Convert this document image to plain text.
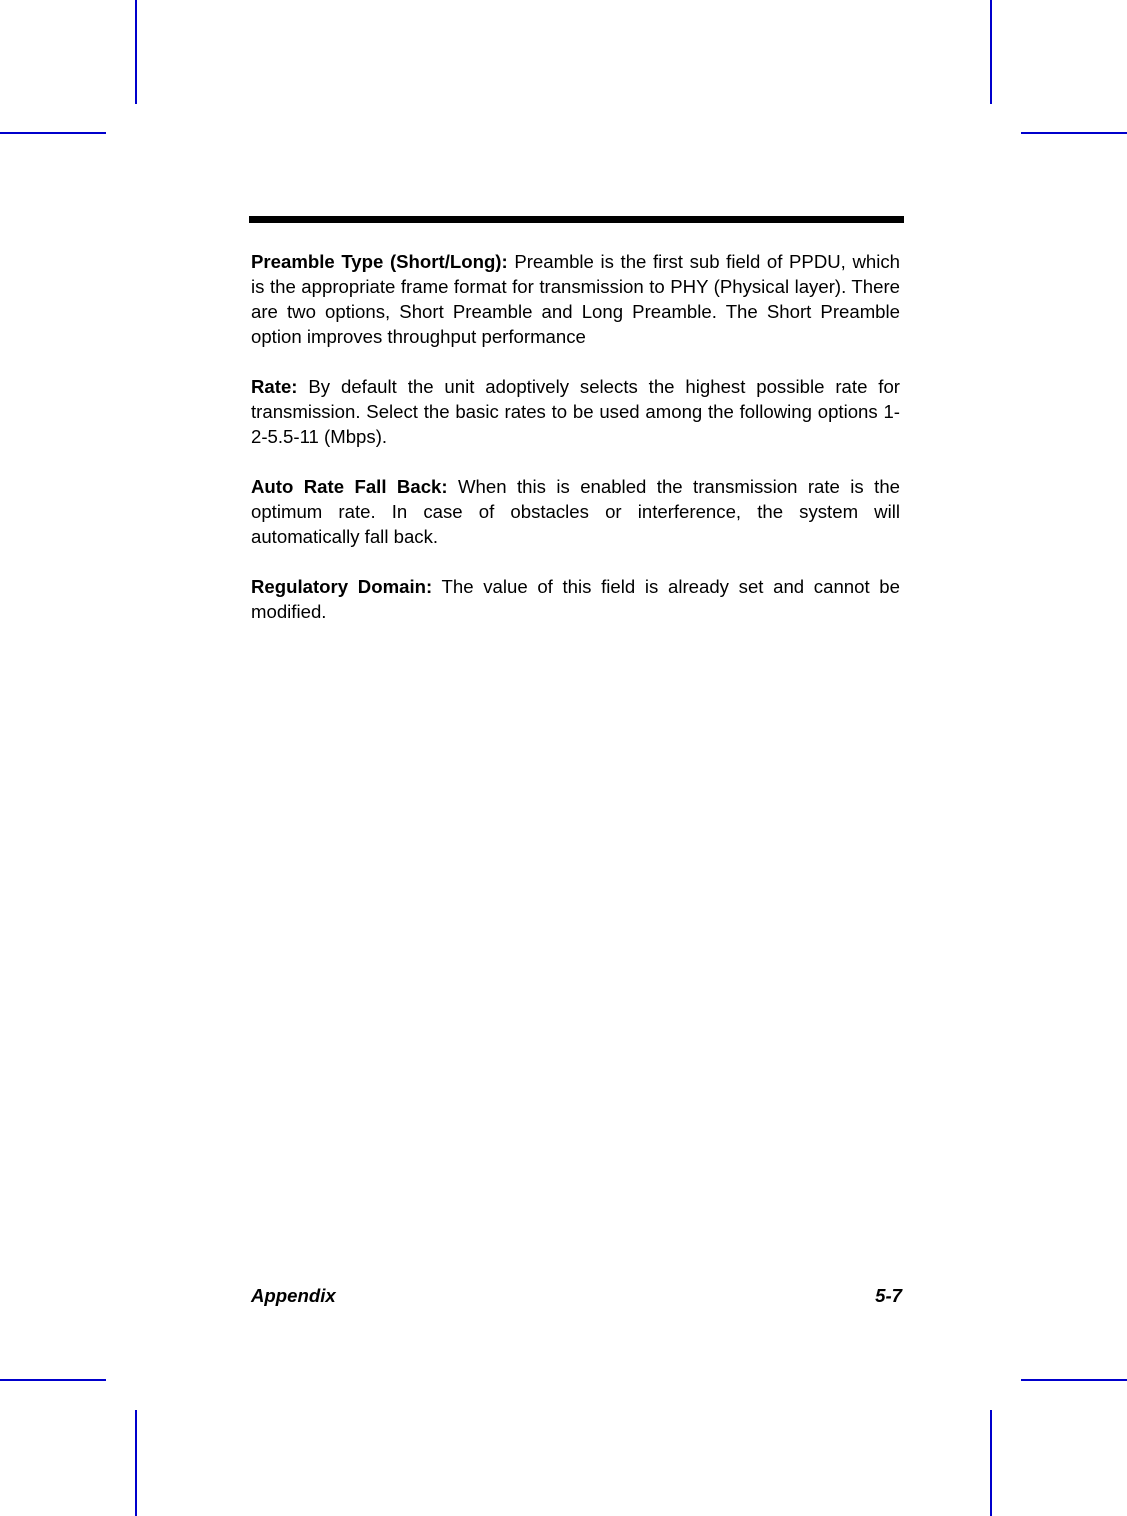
Preamble Type (Short/Long): Preamble is the first sub field of PPDU, which is the appropriate frame format for transmission to PHY (Physical layer). There are two options, Short Preamble and Long Preamble. The Short Preamble option improves throughput performance

Rate: By default the unit adoptively selects the highest possible rate for transmission. Select the basic rates to be used among the following options 1-2-5.5-11 (Mbps).

Auto Rate Fall Back: When this is enabled the transmission rate is the optimum rate. In case of obstacles or interference, the system will automatically fall back.

Regulatory Domain: The value of this field is already set and cannot be modified.

Appendix	5-7
